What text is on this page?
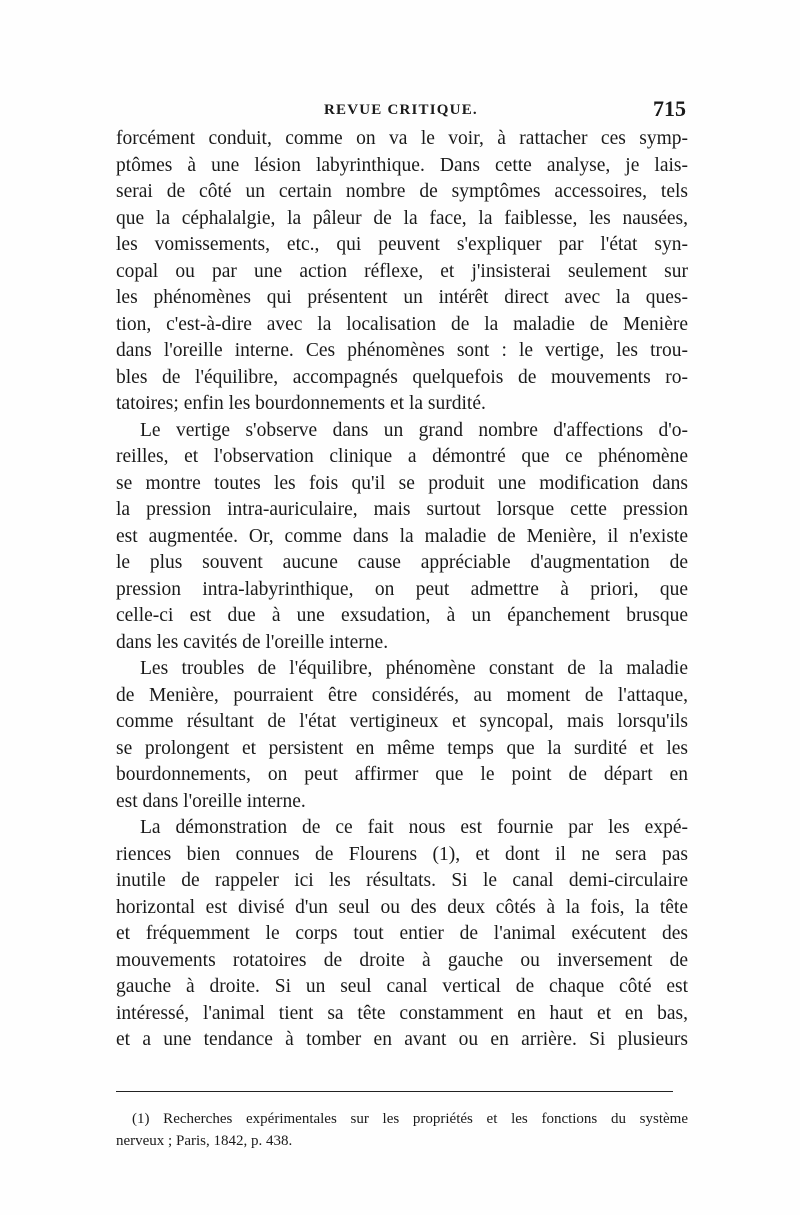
REVUE CRITIQUE.	715
forcément conduit, comme on va le voir, à rattacher ces symp-
ptômes à une lésion labyrinthique. Dans cette analyse, je lais-
serai de côté un certain nombre de symptômes accessoires, tels
que la céphalalgie, la pâleur de la face, la faiblesse, les nausées,
les vomissements, etc., qui peuvent s'expliquer par l'état syn-
copal ou par une action réflexe, et j'insisterai seulement sur
les phénomènes qui présentent un intérêt direct avec la ques-
tion, c'est-à-dire avec la localisation de la maladie de Menière
dans l'oreille interne. Ces phénomènes sont : le vertige, les trou-
bles de l'équilibre, accompagnés quelquefois de mouvements ro-
tatoires; enfin les bourdonnements et la surdité.
Le vertige s'observe dans un grand nombre d'affections d'o-
reilles, et l'observation clinique a démontré que ce phénomène
se montre toutes les fois qu'il se produit une modification dans
la pression intra-auriculaire, mais surtout lorsque cette pression
est augmentée. Or, comme dans la maladie de Menière, il n'existe
le plus souvent aucune cause appréciable d'augmentation de
pression intra-labyrinthique, on peut admettre à priori, que
celle-ci est due à une exsudation, à un épanchement brusque
dans les cavités de l'oreille interne.
Les troubles de l'équilibre, phénomène constant de la maladie
de Menière, pourraient être considérés, au moment de l'attaque,
comme résultant de l'état vertigineux et syncopal, mais lorsqu'ils
se prolongent et persistent en même temps que la surdité et les
bourdonnements, on peut affirmer que le point de départ en
est dans l'oreille interne.
La démonstration de ce fait nous est fournie par les expé-
riences bien connues de Flourens (1), et dont il ne sera pas
inutile de rappeler ici les résultats. Si le canal demi-circulaire
horizontal est divisé d'un seul ou des deux côtés à la fois, la tête
et fréquemment le corps tout entier de l'animal exécutent des
mouvements rotatoires de droite à gauche ou inversement de
gauche à droite. Si un seul canal vertical de chaque côté est
intéressé, l'animal tient sa tête constamment en haut et en bas,
et a une tendance à tomber en avant ou en arrière. Si plusieurs
(1) Recherches expérimentales sur les propriétés et les fonctions du système
nerveux ; Paris, 1842, p. 438.
